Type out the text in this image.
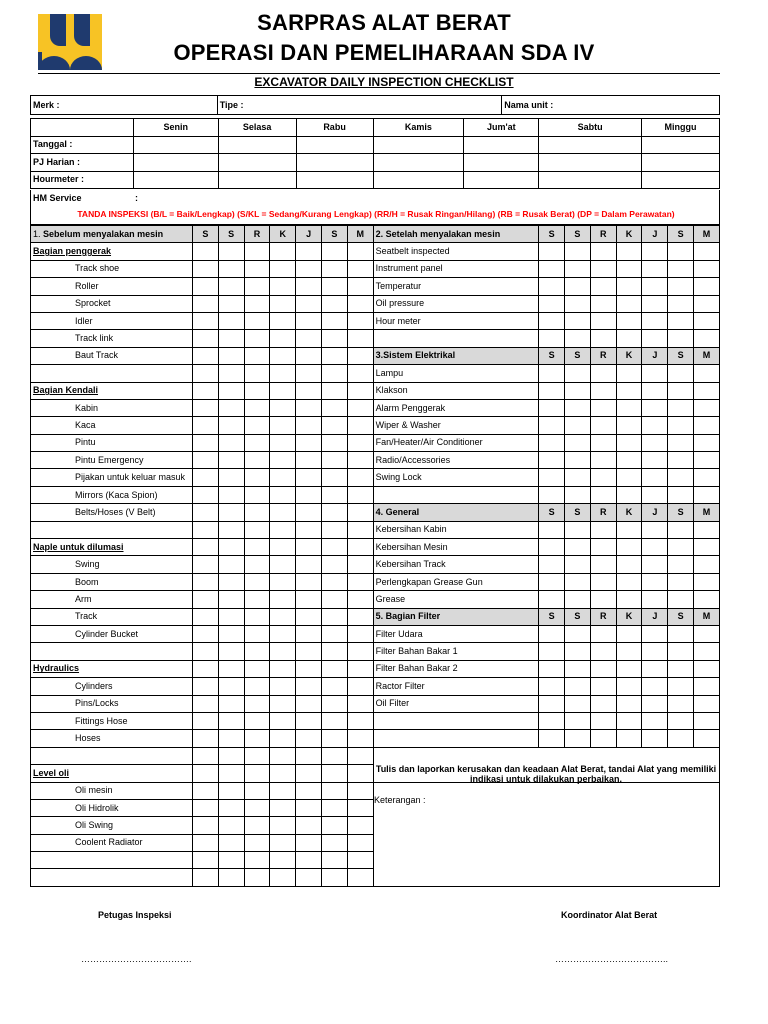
SARPRAS ALAT BERAT
OPERASI DAN PEMELIHARAAN SDA IV
EXCAVATOR DAILY INSPECTION CHECKLIST
Merk :	Tipe :	Nama unit :
	Senin	Selasa	Rabu	Kamis	Jum'at	Sabtu	Minggu
Tanggal :							
PJ Harian :							
Hourmeter :							
HM Service	:
TANDA INSPEKSI (B/L = Baik/Lengkap) (S/KL = Sedang/Kurang Lengkap) (RR/H = Rusak Ringan/Hilang) (RB = Rusak Berat) (DP = Dalam Perawatan)
1. Sebelum menyalakan mesin	S	S	R	K	J	S	M	2. Setelah menyalakan mesin	S	S	R	K	J	S	M
Bagian penggerak								Seatbelt inspected							
Track shoe								Instrument panel							
Roller								Temperatur							
Sprocket								Oil pressure							
Idler								Hour meter							
Track link															
Baut Track								3.Sistem Elektrikal	S	S	R	K	J	S	M
								Lampu							
Bagian Kendali								Klakson							
Kabin								Alarm Penggerak							
Kaca								Wiper & Washer							
Pintu								Fan/Heater/Air Conditioner							
Pintu Emergency								Radio/Accessories							
Pijakan untuk keluar masuk								Swing Lock							
Mirrors (Kaca Spion)															
Belts/Hoses (V Belt)								4. General	S	S	R	K	J	S	M
								Kebersihan Kabin							
Naple untuk dilumasi								Kebersihan Mesin							
Swing								Kebersihan Track							
Boom								Perlengkapan Grease Gun							
Arm								Grease							
Track								5. Bagian Filter	S	S	R	K	J	S	M
Cylinder Bucket								Filter Udara							
								Filter Bahan Bakar 1							
Hydraulics								Filter Bahan Bakar 2							
Cylinders								Ractor Filter							
Pins/Locks								Oil Filter							
Fittings Hose															
Hoses															

Level oli															
Oli mesin															
Oli Hidrolik															
Oli Swing															
Coolent Radiator															

Tulis dan laporkan kerusakan dan keadaan Alat Berat, tandai Alat yang memiliki indikasi untuk dilakukan perbaikan.
Keterangan :
Petugas Inspeksi	Koordinator Alat Berat
……………………………….	………………………………..
